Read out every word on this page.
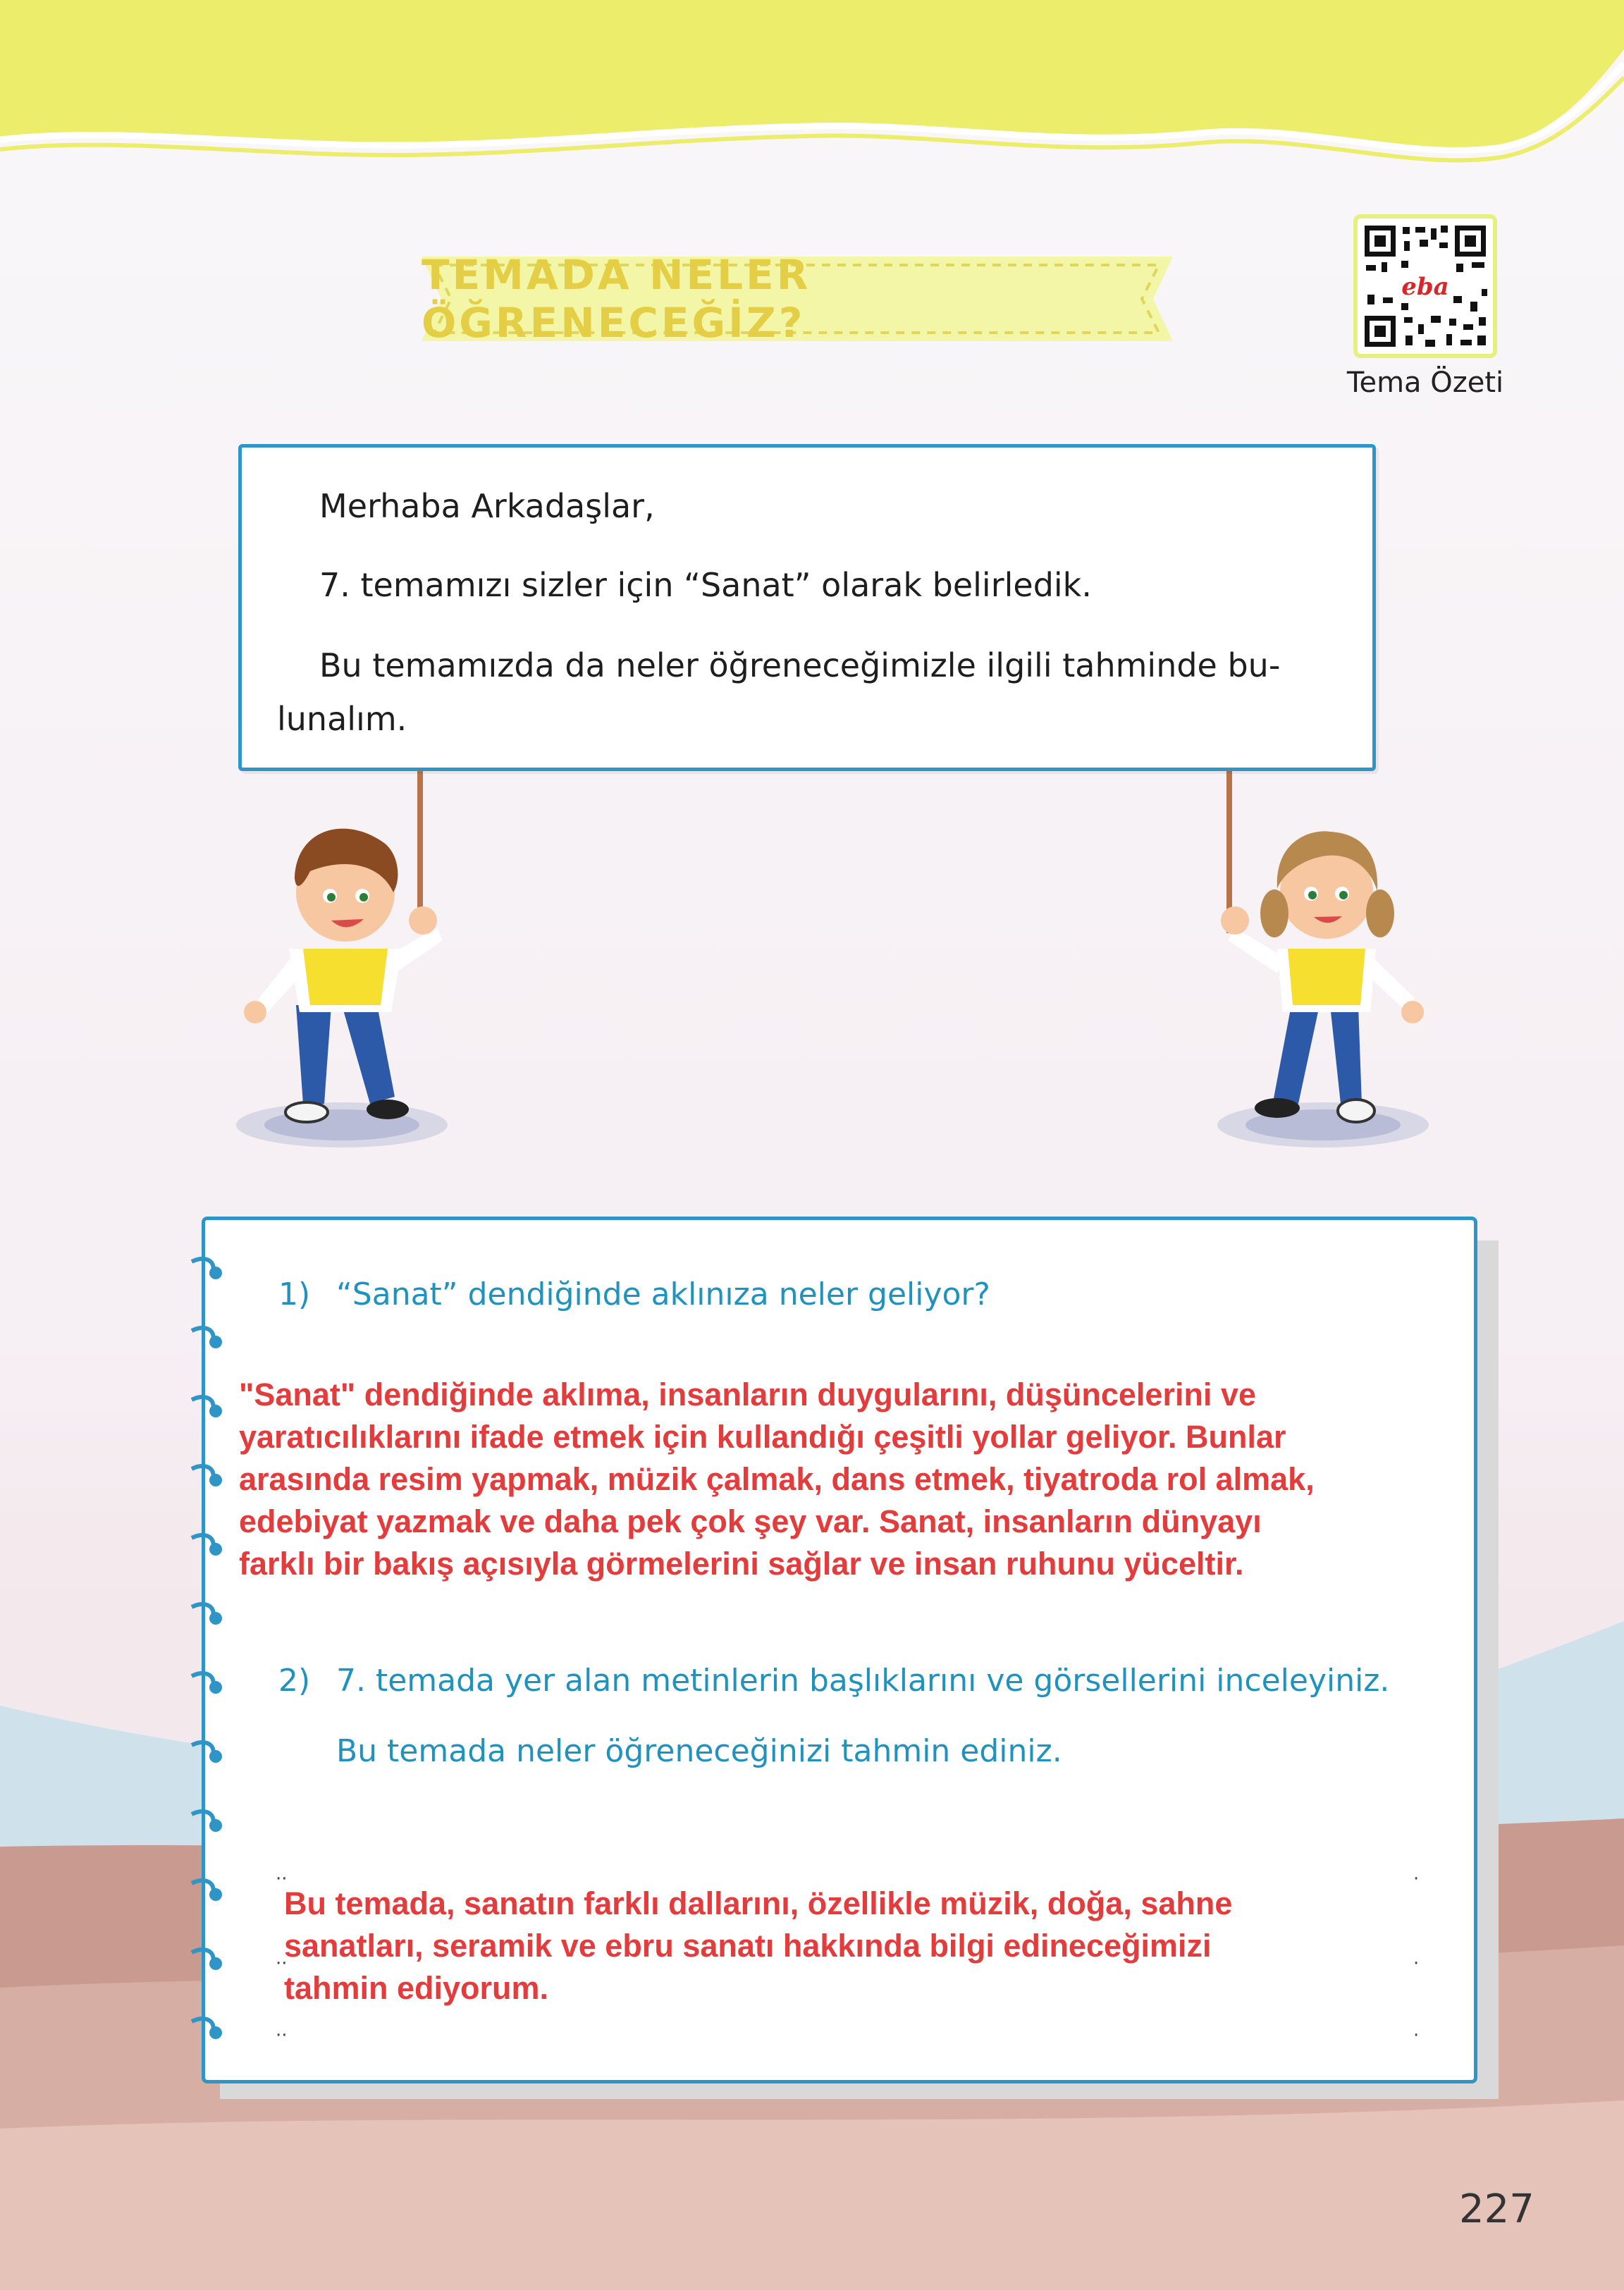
TEMADA NELER ÖĞRENECEĞİZ?
eba
Tema Özeti
Merhaba Arkadaşlar,
7. temamızı sizler için “Sanat” olarak belirledik.
Bu temamızda da neler öğreneceğimizle ilgili tahminde bu-
lunalım.
1) “Sanat” dendiğinde aklınıza neler geliyor?
"Sanat" dendiğinde aklıma, insanların duygularını, düşüncelerini ve
yaratıcılıklarını ifade etmek için kullandığı çeşitli yollar geliyor. Bunlar
arasında resim yapmak, müzik çalmak, dans etmek, tiyatroda rol almak,
edebiyat yazmak ve daha pek çok şey var. Sanat, insanların dünyayı
farklı bir bakış açısıyla görmelerini sağlar ve insan ruhunu yüceltir.
2) 7. temada yer alan metinlerin başlıklarını ve görsellerini inceleyiniz.
Bu temada neler öğreneceğinizi tahmin ediniz.
Bu temada, sanatın farklı dallarını, özellikle müzik, doğa, sahne
sanatları, seramik ve ebru sanatı hakkında bilgi edineceğimizi
tahmin ediyorum.
··	·
··	·
··	·
227
